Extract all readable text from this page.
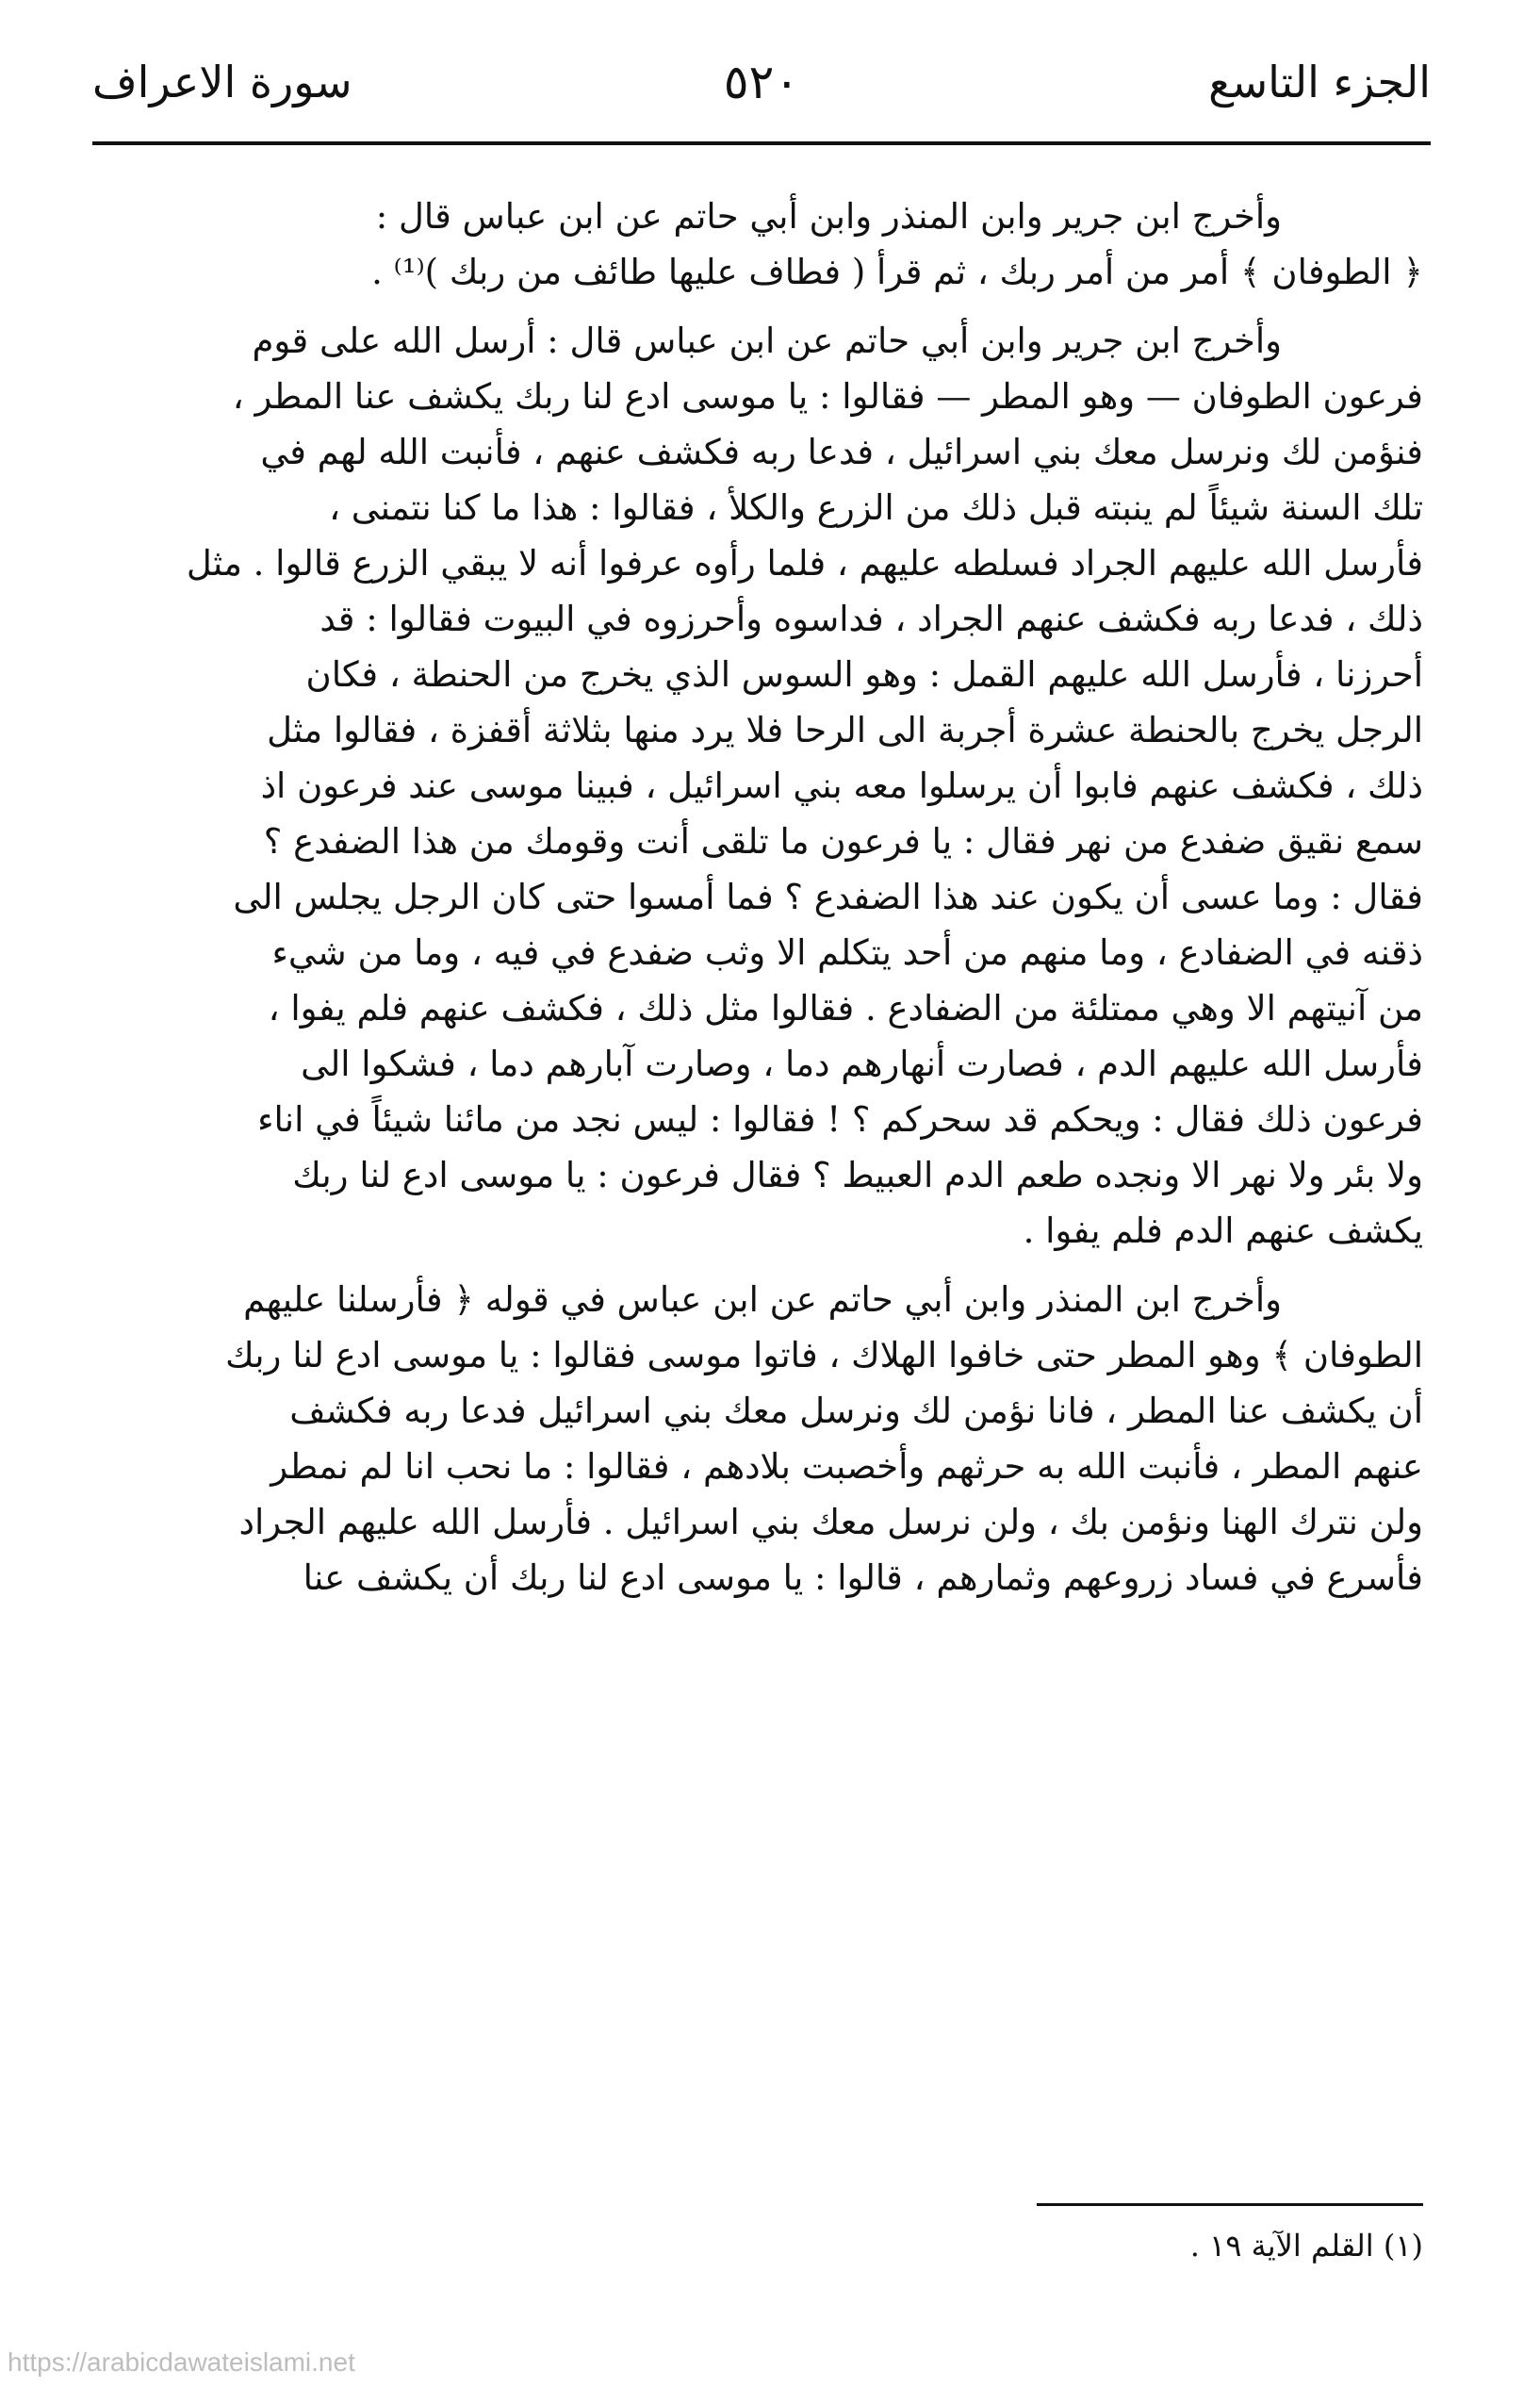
الجزء التاسع
٥٢٠
سورة الاعراف
وأخرج ابن جرير وابن المنذر وابن أبي حاتم عن ابن عباس قال :
﴿ الطوفان ﴾ أمر من أمر ربك ، ثم قرأ ( فطاف عليها طائف من ربك )⁽¹⁾ .
وأخرج ابن جرير وابن أبي حاتم عن ابن عباس قال : أرسل الله على قوم
فرعون الطوفان — وهو المطر — فقالوا : يا موسى ادع لنا ربك يكشف عنا المطر ،
فنؤمن لك ونرسل معك بني اسرائيل ، فدعا ربه فكشف عنهم ، فأنبت الله لهم في
تلك السنة شيئاً لم ينبته قبل ذلك من الزرع والكلأ ، فقالوا : هذا ما كنا نتمنى ،
فأرسل الله عليهم الجراد فسلطه عليهم ، فلما رأوه عرفوا أنه لا يبقي الزرع قالوا . مثل
ذلك ، فدعا ربه فكشف عنهم الجراد ، فداسوه وأحرزوه في البيوت فقالوا : قد
أحرزنا ، فأرسل الله عليهم القمل : وهو السوس الذي يخرج من الحنطة ، فكان
الرجل يخرج بالحنطة عشرة أجربة الى الرحا فلا يرد منها بثلاثة أقفزة ، فقالوا مثل
ذلك ، فكشف عنهم فابوا أن يرسلوا معه بني اسرائيل ، فبينا موسى عند فرعون اذ
سمع نقيق ضفدع من نهر فقال : يا فرعون ما تلقى أنت وقومك من هذا الضفدع ؟
فقال : وما عسى أن يكون عند هذا الضفدع ؟ فما أمسوا حتى كان الرجل يجلس الى
ذقنه في الضفادع ، وما منهم من أحد يتكلم الا وثب ضفدع في فيه ، وما من شيء
من آنيتهم الا وهي ممتلئة من الضفادع . فقالوا مثل ذلك ، فكشف عنهم فلم يفوا ،
فأرسل الله عليهم الدم ، فصارت أنهارهم دما ، وصارت آبارهم دما ، فشكوا الى
فرعون ذلك فقال : ويحكم قد سحركم ؟ ! فقالوا : ليس نجد من مائنا شيئاً في اناء
ولا بئر ولا نهر الا ونجده طعم الدم العبيط ؟ فقال فرعون : يا موسى ادع لنا ربك
يكشف عنهم الدم فلم يفوا .
وأخرج ابن المنذر وابن أبي حاتم عن ابن عباس في قوله ﴿ فأرسلنا عليهم
الطوفان ﴾ وهو المطر حتى خافوا الهلاك ، فاتوا موسى فقالوا : يا موسى ادع لنا ربك
أن يكشف عنا المطر ، فانا نؤمن لك ونرسل معك بني اسرائيل فدعا ربه فكشف
عنهم المطر ، فأنبت الله به حرثهم وأخصبت بلادهم ، فقالوا : ما نحب انا لم نمطر
ولن نترك الهنا ونؤمن بك ، ولن نرسل معك بني اسرائيل . فأرسل الله عليهم الجراد
فأسرع في فساد زروعهم وثمارهم ، قالوا : يا موسى ادع لنا ربك أن يكشف عنا
(١) القلم الآية ١٩ .
https://arabicdawateislami.net
